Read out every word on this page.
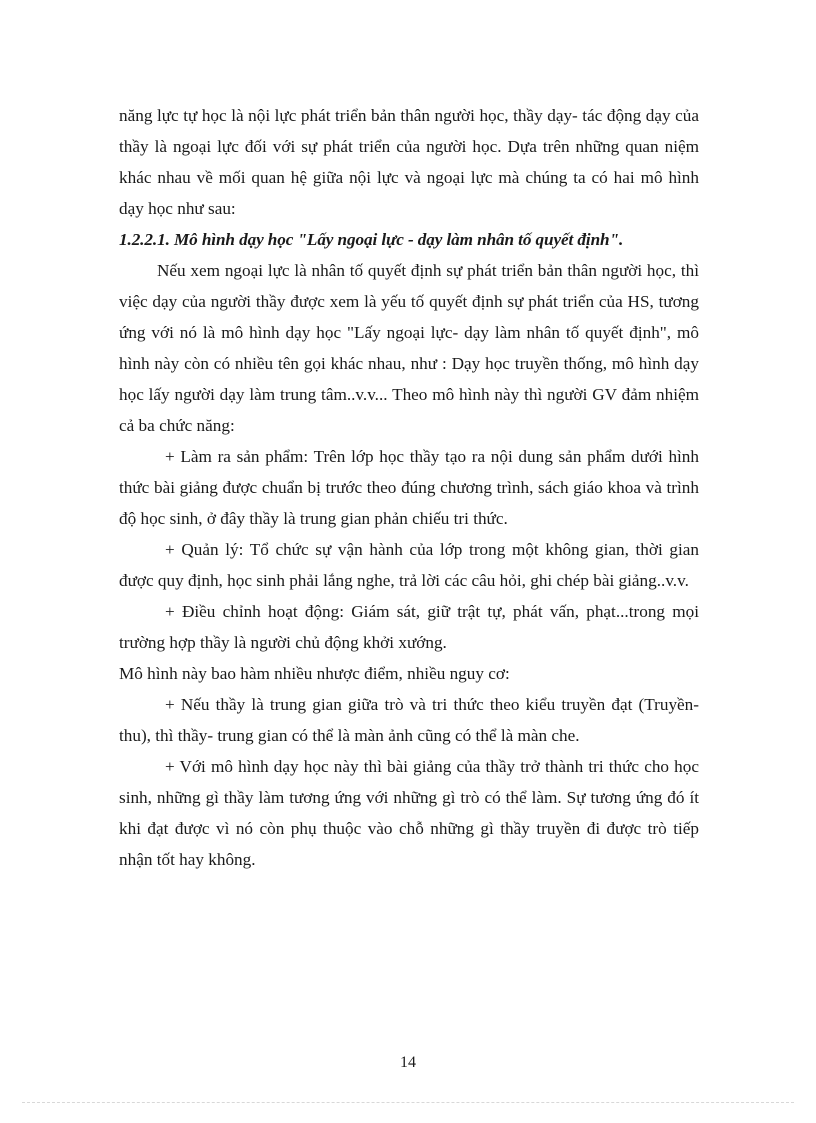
năng lực tự học là nội lực phát triển bản thân người học, thầy dạy- tác động dạy của thầy là ngoại lực đối với sự phát triển của người học. Dựa trên những quan niệm khác nhau về mối quan hệ giữa nội lực và ngoại lực mà chúng ta có hai mô hình dạy học như sau:

1.2.2.1. Mô hình dạy học "Lấy ngoại lực - dạy làm nhân tố quyết định".

Nếu xem ngoại lực là nhân tố quyết định sự phát triển bản thân người học, thì việc dạy của người thầy được xem là yếu tố quyết định sự phát triển của HS, tương ứng với nó là mô hình dạy học "Lấy ngoại lực- dạy làm nhân tố quyết định", mô hình này còn có nhiều tên gọi khác nhau, như : Dạy học truyền thống, mô hình dạy học lấy người dạy làm trung tâm..v.v... Theo mô hình này thì người GV đảm nhiệm cả ba chức năng:

+ Làm ra sản phẩm: Trên lớp học thầy tạo ra nội dung sản phẩm dưới hình thức bài giảng được chuẩn bị trước theo đúng chương trình, sách giáo khoa và trình độ học sinh, ở đây thầy là trung gian phản chiếu tri thức.

+ Quản lý: Tổ chức sự vận hành của lớp trong một không gian, thời gian được quy định, học sinh phải lắng nghe, trả lời các câu hỏi, ghi chép bài giảng..v.v.

+ Điều chỉnh hoạt động: Giám sát, giữ trật tự, phát vấn, phạt...trong mọi trường hợp thầy là người chủ động khởi xướng.

Mô hình này bao hàm nhiều nhược điểm, nhiều nguy cơ:

+ Nếu thầy là trung gian giữa trò và tri thức theo kiểu truyền đạt (Truyền-thu), thì thầy- trung gian có thể là màn ảnh cũng có thể là màn che.

+ Với mô hình dạy học này thì bài giảng của thầy trở thành tri thức cho học sinh, những gì thầy làm tương ứng với những gì trò có thể làm. Sự tương ứng đó ít khi đạt được vì nó còn phụ thuộc vào chỗ những gì thầy truyền đi được trò tiếp nhận tốt hay không.

14
